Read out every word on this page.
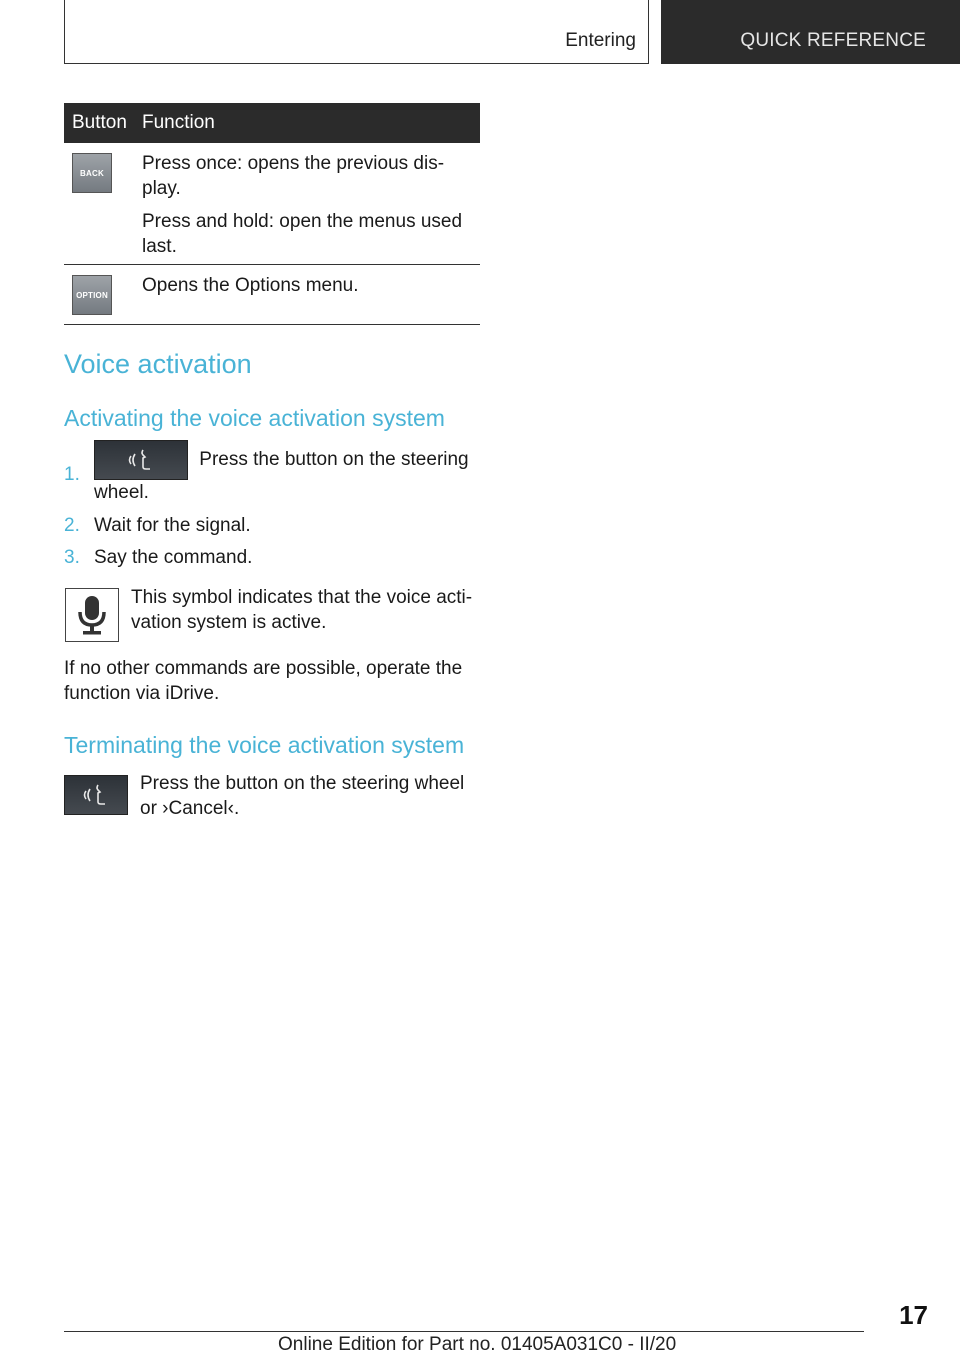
Entering	QUICK REFERENCE
Button Function
BACK	Press once: opens the previous dis-play.

Press and hold: open the menus used last.

OPTION Opens the Options menu.

Voice activation
Activating the voice activation system
1.
Press the button on the steering wheel.
2. Wait for the signal.
3. Say the command.
This symbol indicates that the voice acti-vation system is active.
If no other commands are possible, operate the function via iDrive.
Terminating the voice activation system
Press the button on the steering wheel or ›Cancel‹.
17
Online Edition for Part no. 01405A031C0 - II/20
